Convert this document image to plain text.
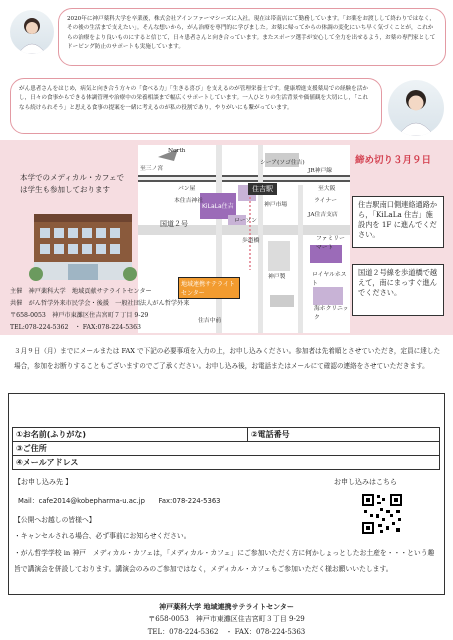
2020年に神戸薬科大学を卒業後，株式会社アインファーマシーズに入社。現在は帯南店にて勤務しています。「お薬をお渡しして終わりではなく，その後の生活まで支えたい」。そんな想いから，がん治療を専門的に学びました。お薬に帰ってからの体調の変化にいち早く気づくことが，これからの治療をより良いものにすると信じて，日々患者さんと向き合っています。またスポーツ選手が安心して全力を出せるよう，お薬の専門家としてドーピング防止のサポートも実施しています。
がん患者さんをはじめ，病気と向き合う方々の「食べる力」「生きる喜び」を支えるのが管理栄養士です。健康増進支援薬局での経験を活かし，日々の食事からできる体調管理や治療中の栄養相談まで幅広くサポートしています。一人ひとりの生活背景や価値観を大切にし，「これなら続けられそう」と思える食事の提案を一緒に考えるのが私の役割であり，やりがいにも繋がっています。
本学でのメディカル・カフェでは学生も参加しております
North
シーア(ソゴ住吉)
至三ノ宮
住吉駅
JR神戸線
至大阪
パン屋
本住吉神社	ライナー
KiLaLa住吉	神戸市場
JA住吉支店
ローソン
ファミリーマート
歩道橋
国道２号
ロイヤルホスト
神戸製
住吉中前
海ホクリニック
地域連携サテライトセンター
締め切り３月９日
住吉駅南口側連絡通路から，「KiLaLa 住吉」施設内を 1F に進んでください。
国道２号線を歩道橋で越えて，南にまっすぐ進んでください。
主催　神戸薬科大学　地域貢献サテライトセンター
共催　がん哲学外来市民学会・後援　一般社団法人がん哲学外来
〒658-0053　神戸市東灘区住吉宮町７丁目 9-29
TEL:078-224-5362　・ FAX:078-224-5363
３月９日（月）までにメールまたは FAX で下記の必要事項を入力の上，お申し込みください。参加者は先着順とさせていただき，定員に達した場合，参加をお断りすることもございますのでご了承ください。お申し込み後，お電話またはメールにて確認の連絡をさせていただきます。
①お名前(ふりがな)	②電話番号
③ご住所
④メールアドレス
【お申し込み先 】
Mail：cafe2014@kobepharma-u.ac.jp　　Fax:078-224-5363
【公開へお越しの皆様へ】
・キャンセルされる場合、必ず事前にお知らせください。
・がん哲学学校 in 神戸　メディカル・カフェは，「メディカル・カフェ」にご参加いただく方に何かしょっとしたお土産を・・・という趣旨で講演会を併設しております。講演会のみのご参加ではなく，メディカル・カフェもご参加いただく様お願いいたします。
お申し込みはこちら
神戸薬科大学 地域連携サテライトセンター
〒658-0053　神戸市東灘区住吉宮町３丁目 9-29
TEL：078-224-5362　・ FAX：078-224-5363
